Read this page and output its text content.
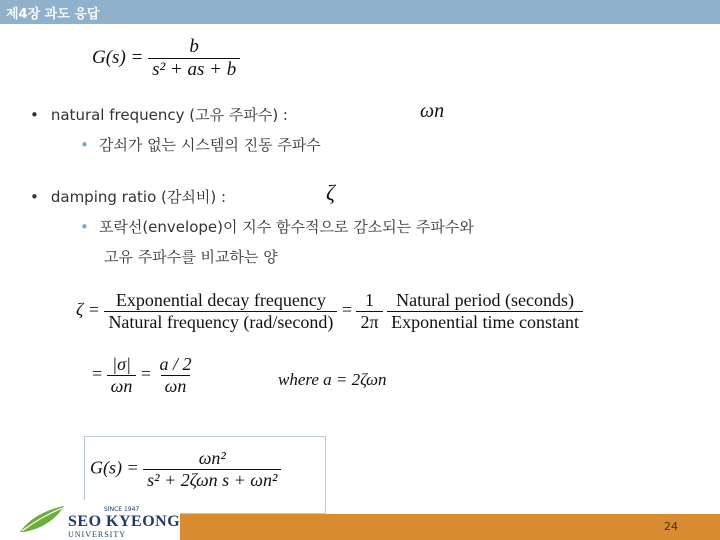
제4장 과도 응답
$G(s) = \frac{b}{\text{s² + as + b}}$
• natural frequency (고유 주파수) :	ωn
• 감쇠가 없는 시스템의 진동 주파수
• damping ratio (감쇠비) :	ζ
• 포락선(envelope)이 지수 함수적으로 감소되는 주파수와
고유 주파수를 비교하는 양
$\zeta = \frac{\text{Exponential decay frequency}}{\text{Natural frequency (rad/second)}} = \frac{1}{2\pi}$
$\frac{\text{Natural period (seconds)}}{\text{Exponential time constant}}$
= $\frac{|\sigma|}{\omega n} = \frac{a / 2}{\omega n}$	where a = 2ζωn
$G(s) = \frac{\text{ωn²}}{\text{s² + 2ζωn s + ωn²}}$
SINCE 1947
SEO KYEONG
UNIVERSITY
24
